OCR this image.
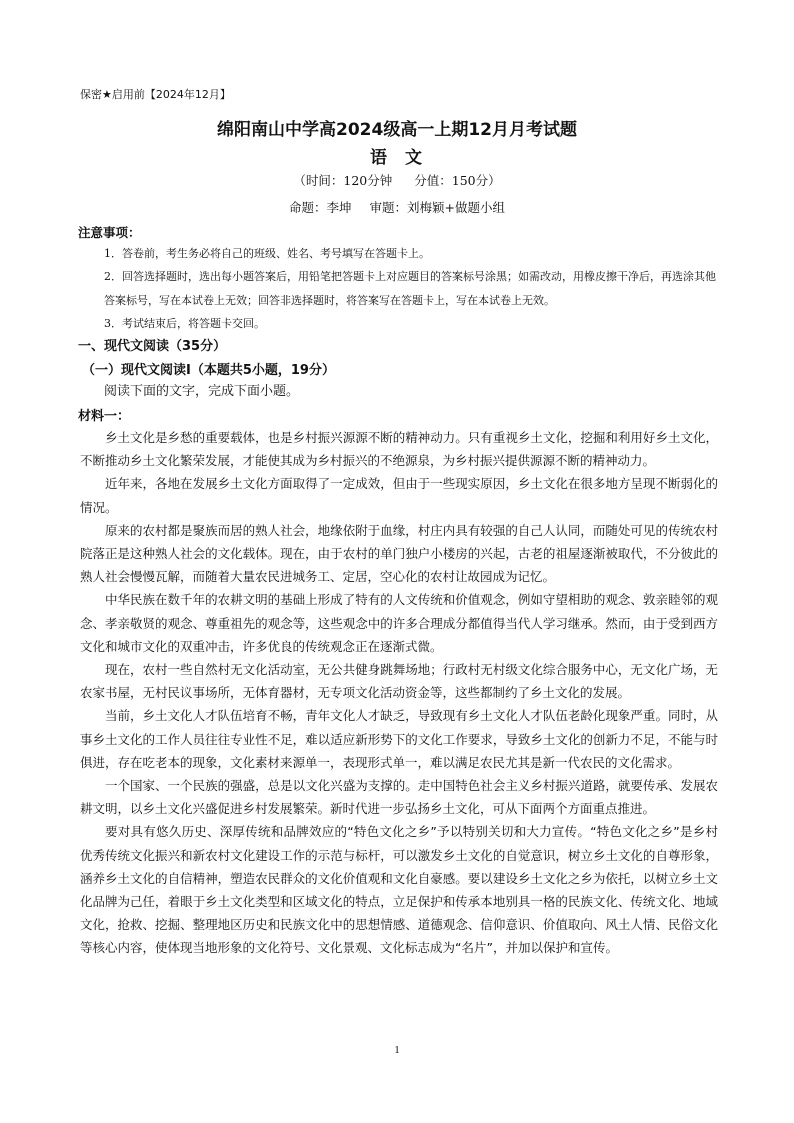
保密★启用前【2024年12月】
绵阳南山中学高2024级高一上期12月月考试题
语 文
（时间：120分钟 分值：150分）
命题：李坤 审题：刘梅颖+做题小组
注意事项：
1．答卷前，考生务必将自己的班级、姓名、考号填写在答题卡上。
2．回答选择题时，选出每小题答案后，用铅笔把答题卡上对应题目的答案标号涂黑；如需改动，用橡皮擦干净后，再选涂其他答案标号，写在本试卷上无效；回答非选择题时，将答案写在答题卡上，写在本试卷上无效。
3．考试结束后，将答题卡交回。
一、现代文阅读（35分）
（一）现代文阅读Ⅰ（本题共5小题，19分）
阅读下面的文字，完成下面小题。
材料一：

乡土文化是乡愁的重要载体，也是乡村振兴源源不断的精神动力。只有重视乡土文化，挖掘和利用好乡土文化，不断推动乡土文化繁荣发展，才能使其成为乡村振兴的不绝源泉，为乡村振兴提供源源不断的精神动力。

近年来，各地在发展乡土文化方面取得了一定成效，但由于一些现实原因，乡土文化在很多地方呈现不断弱化的情况。

原来的农村都是聚族而居的熟人社会，地缘依附于血缘，村庄内具有较强的自己人认同，而随处可见的传统农村院落正是这种熟人社会的文化载体。现在，由于农村的单门独户小楼房的兴起，古老的祖屋逐渐被取代，不分彼此的熟人社会慢慢瓦解，而随着大量农民进城务工、定居，空心化的农村让故园成为记忆。

中华民族在数千年的农耕文明的基础上形成了特有的人文传统和价值观念，例如守望相助的观念、敦亲睦邻的观念、孝亲敬贤的观念、尊重祖先的观念等，这些观念中的许多合理成分都值得当代人学习继承。然而，由于受到西方文化和城市文化的双重冲击，许多优良的传统观念正在逐渐式微。

现在，农村一些自然村无文化活动室，无公共健身跳舞场地；行政村无村级文化综合服务中心，无文化广场，无农家书屋，无村民议事场所，无体育器材，无专项文化活动资金等，这些都制约了乡土文化的发展。

当前，乡土文化人才队伍培育不畅，青年文化人才缺乏，导致现有乡土文化人才队伍老龄化现象严重。同时，从事乡土文化的工作人员往往专业性不足，难以适应新形势下的文化工作要求，导致乡土文化的创新力不足，不能与时俱进，存在吃老本的现象，文化素材来源单一，表现形式单一，难以满足农民尤其是新一代农民的文化需求。

一个国家、一个民族的强盛，总是以文化兴盛为支撑的。走中国特色社会主义乡村振兴道路，就要传承、发展农耕文明，以乡土文化兴盛促进乡村发展繁荣。新时代进一步弘扬乡土文化，可从下面两个方面重点推进。

要对具有悠久历史、深厚传统和品牌效应的“特色文化之乡”予以特别关切和大力宣传。“特色文化之乡”是乡村优秀传统文化振兴和新农村文化建设工作的示范与标杆，可以激发乡土文化的自觉意识，树立乡土文化的自尊形象，涵养乡土文化的自信精神，塑造农民群众的文化价值观和文化自豪感。要以建设乡土文化之乡为依托，以树立乡土文化品牌为己任，着眼于乡土文化类型和区域文化的特点，立足保护和传承本地别具一格的民族文化、传统文化、地域文化，抢救、挖掘、整理地区历史和民族文化中的思想情感、道德观念、信仰意识、价值取向、风土人情、民俗文化等核心内容，使体现当地形象的文化符号、文化景观、文化标志成为“名片”，并加以保护和宣传。

1
